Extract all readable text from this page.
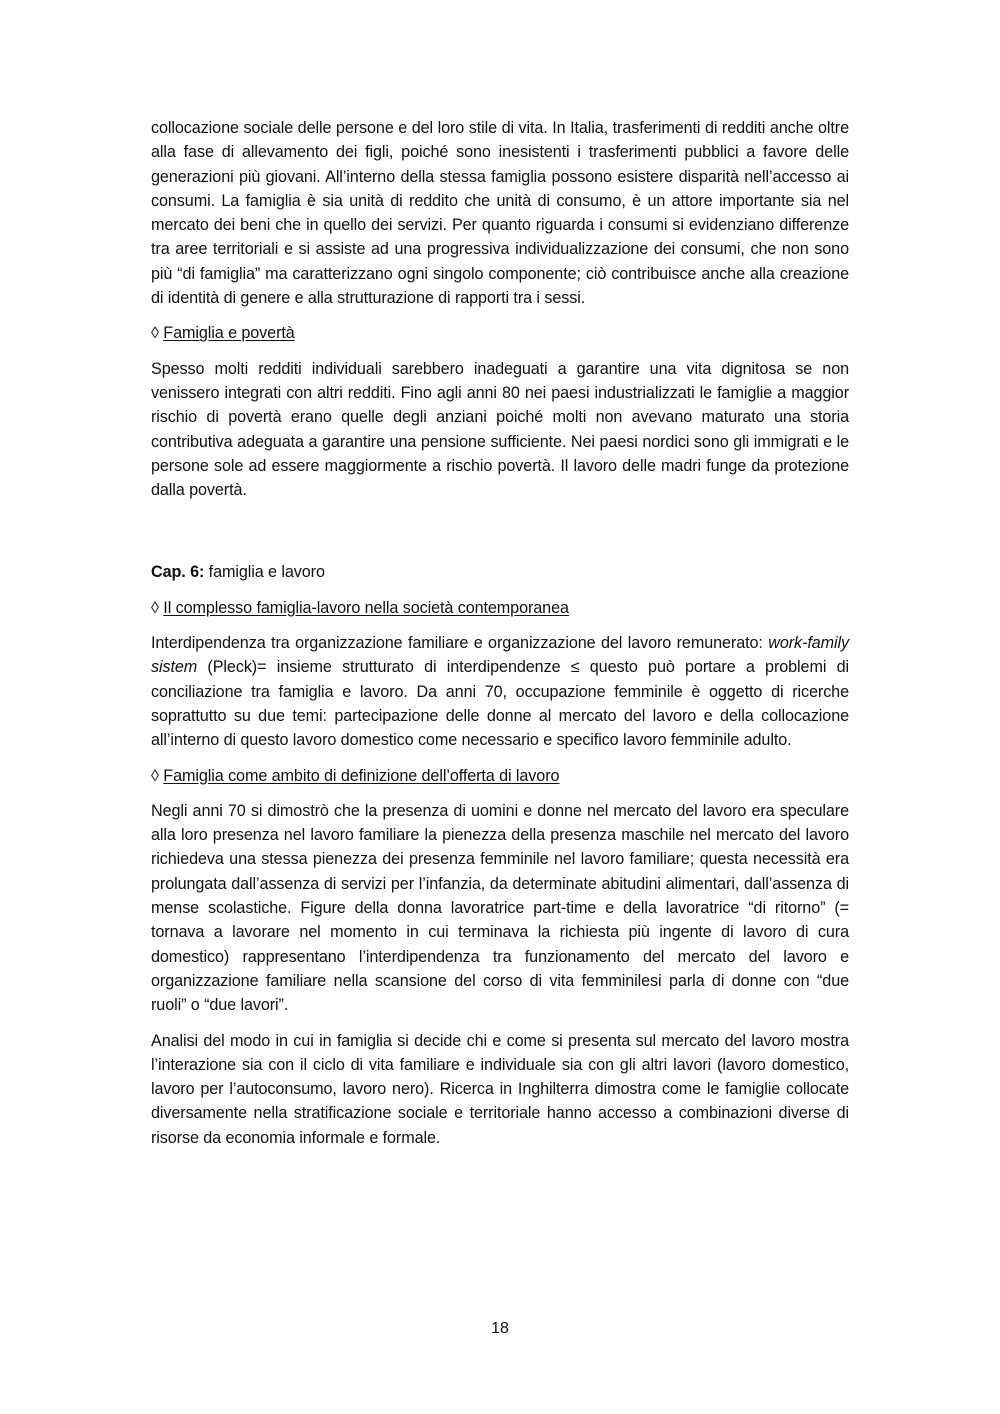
collocazione sociale delle persone e del loro stile di vita. In Italia, trasferimenti di redditi anche oltre alla fase di allevamento dei figli, poiché sono inesistenti i trasferimenti pubblici a favore delle generazioni più giovani. All’interno della stessa famiglia possono esistere disparità nell’accesso ai consumi. La famiglia è sia unità di reddito che unità di consumo, è un attore importante sia nel mercato dei beni che in quello dei servizi. Per quanto riguarda i consumi si evidenziano differenze tra aree territoriali e si assiste ad una progressiva individualizzazione dei consumi, che non sono più “di famiglia” ma caratterizzano ogni singolo componente; ciò contribuisce anche alla creazione di identità di genere e alla strutturazione di rapporti tra i sessi.

◊ Famiglia e povertà

Spesso molti redditi individuali sarebbero inadeguati a garantire una vita dignitosa se non venissero integrati con altri redditi. Fino agli anni 80 nei paesi industrializzati le famiglie a maggior rischio di povertà erano quelle degli anziani poiché molti non avevano maturato una storia contributiva adeguata a garantire una pensione sufficiente. Nei paesi nordici sono gli immigrati e le persone sole ad essere maggiormente a rischio povertà. Il lavoro delle madri funge da protezione dalla povertà.

Cap. 6: famiglia e lavoro

◊ Il complesso famiglia-lavoro nella società contemporanea

Interdipendenza tra organizzazione familiare e organizzazione del lavoro remunerato: work-family sistem (Pleck)= insieme strutturato di interdipendenze ≤ questo può portare a problemi di conciliazione tra famiglia e lavoro. Da anni 70, occupazione femminile è oggetto di ricerche soprattutto su due temi: partecipazione delle donne al mercato del lavoro e della collocazione all’interno di questo lavoro domestico come necessario e specifico lavoro femminile adulto.

◊ Famiglia come ambito di definizione dell’offerta di lavoro

Negli anni 70 si dimostrò che la presenza di uomini e donne nel mercato del lavoro era speculare alla loro presenza nel lavoro familiare la pienezza della presenza maschile nel mercato del lavoro richiedeva una stessa pienezza dei presenza femminile nel lavoro familiare; questa necessità era prolungata dall’assenza di servizi per l’infanzia, da determinate abitudini alimentari, dall’assenza di mense scolastiche. Figure della donna lavoratrice part-time e della lavoratrice “di ritorno” (= tornava a lavorare nel momento in cui terminava la richiesta più ingente di lavoro di cura domestico) rappresentano l’interdipendenza tra funzionamento del mercato del lavoro e organizzazione familiare nella scansione del corso di vita femminilesi parla di donne con “due ruoli” o “due lavori”.

Analisi del modo in cui in famiglia si decide chi e come si presenta sul mercato del lavoro mostra l’interazione sia con il ciclo di vita familiare e individuale sia con gli altri lavori (lavoro domestico, lavoro per l’autoconsumo, lavoro nero). Ricerca in Inghilterra dimostra come le famiglie collocate diversamente nella stratificazione sociale e territoriale hanno accesso a combinazioni diverse di risorse da economia informale e formale.

18
